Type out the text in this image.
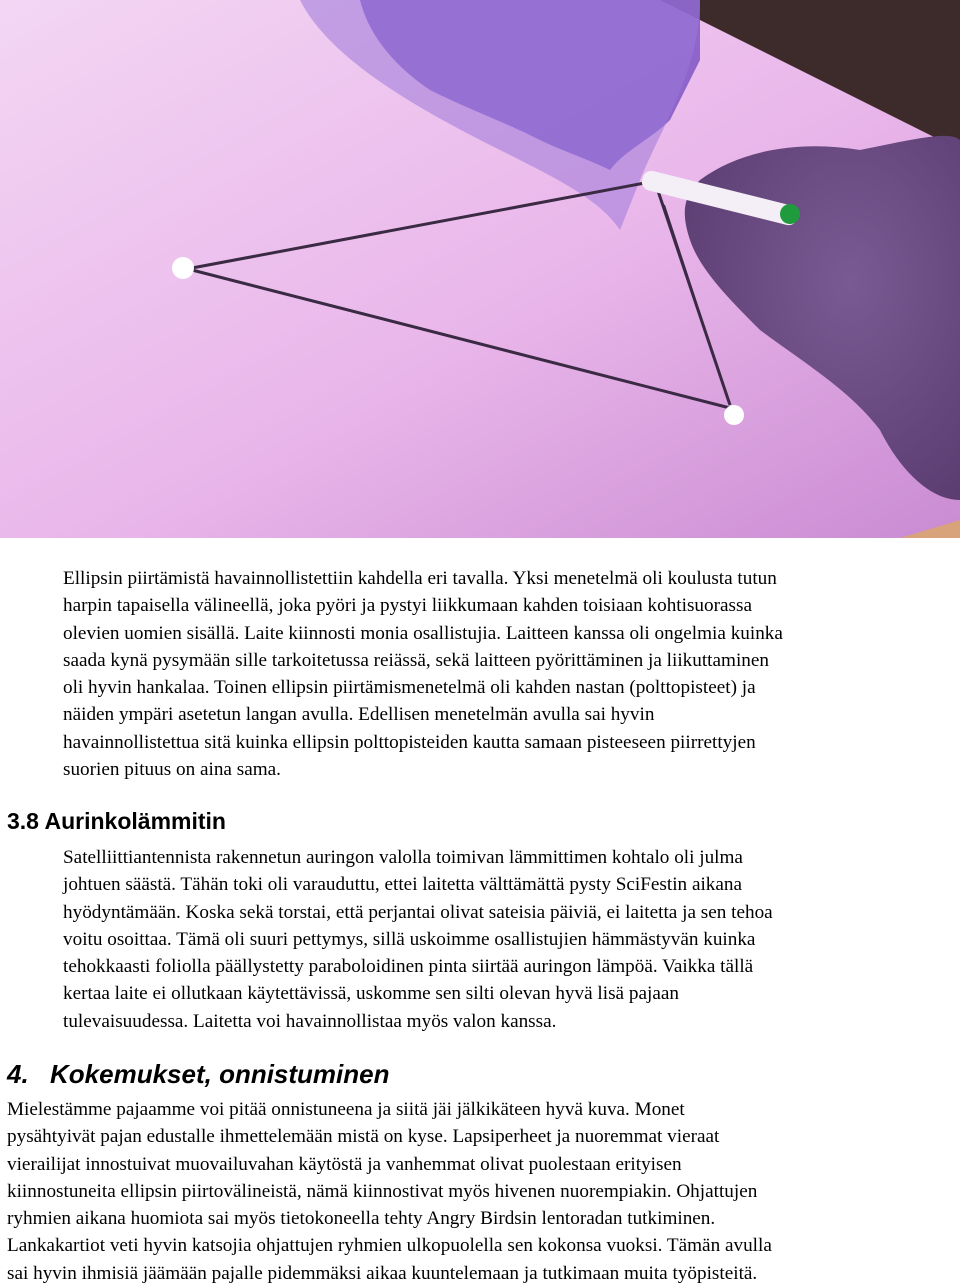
Ellipsin piirtämistä havainnollistettiin kahdella eri tavalla. Yksi menetelmä oli koulusta tutun
harpin tapaisella välineellä, joka pyöri ja pystyi liikkumaan kahden toisiaan kohtisuorassa
olevien uomien sisällä. Laite kiinnosti monia osallistujia. Laitteen kanssa oli ongelmia kuinka
saada kynä pysymään sille tarkoitetussa reiässä, sekä laitteen pyörittäminen ja liikuttaminen
oli hyvin hankalaa. Toinen ellipsin piirtämismenetelmä oli kahden nastan (polttopisteet) ja
näiden ympäri asetetun langan avulla. Edellisen menetelmän avulla sai hyvin
havainnollistettua sitä kuinka ellipsin polttopisteiden kautta samaan pisteeseen piirrettyjen
suorien pituus on aina sama.
3.8 Aurinkolämmitin
Satelliittiantennista rakennetun auringon valolla toimivan lämmittimen kohtalo oli julma
johtuen säästä. Tähän toki oli varauduttu, ettei laitetta välttämättä pysty SciFestin aikana
hyödyntämään. Koska sekä torstai, että perjantai olivat sateisia päiviä, ei laitetta ja sen tehoa
voitu osoittaa. Tämä oli suuri pettymys, sillä uskoimme osallistujien hämmästyvän kuinka
tehokkaasti foliolla päällystetty paraboloidinen pinta siirtää auringon lämpöä. Vaikka tällä
kertaa laite ei ollutkaan käytettävissä, uskomme sen silti olevan hyvä lisä pajaan
tulevaisuudessa. Laitetta voi havainnollistaa myös valon kanssa.
4. Kokemukset, onnistuminen
Mielestämme pajaamme voi pitää onnistuneena ja siitä jäi jälkikäteen hyvä kuva. Monet
pysähtyivät pajan edustalle ihmettelemään mistä on kyse. Lapsiperheet ja nuoremmat vieraat
vierailijat innostuivat muovailuvahan käytöstä ja vanhemmat olivat puolestaan erityisen
kiinnostuneita ellipsin piirtovälineistä, nämä kiinnostivat myös hivenen nuorempiakin. Ohjattujen
ryhmien aikana huomiota sai myös tietokoneella tehty Angry Birdsin lentoradan tutkiminen.
Lankakartiot veti hyvin katsojia ohjattujen ryhmien ulkopuolella sen kokonsa vuoksi. Tämän avulla
sai hyvin ihmisiä jäämään pajalle pidemmäksi aikaa kuuntelemaan ja tutkimaan muita työpisteitä.
